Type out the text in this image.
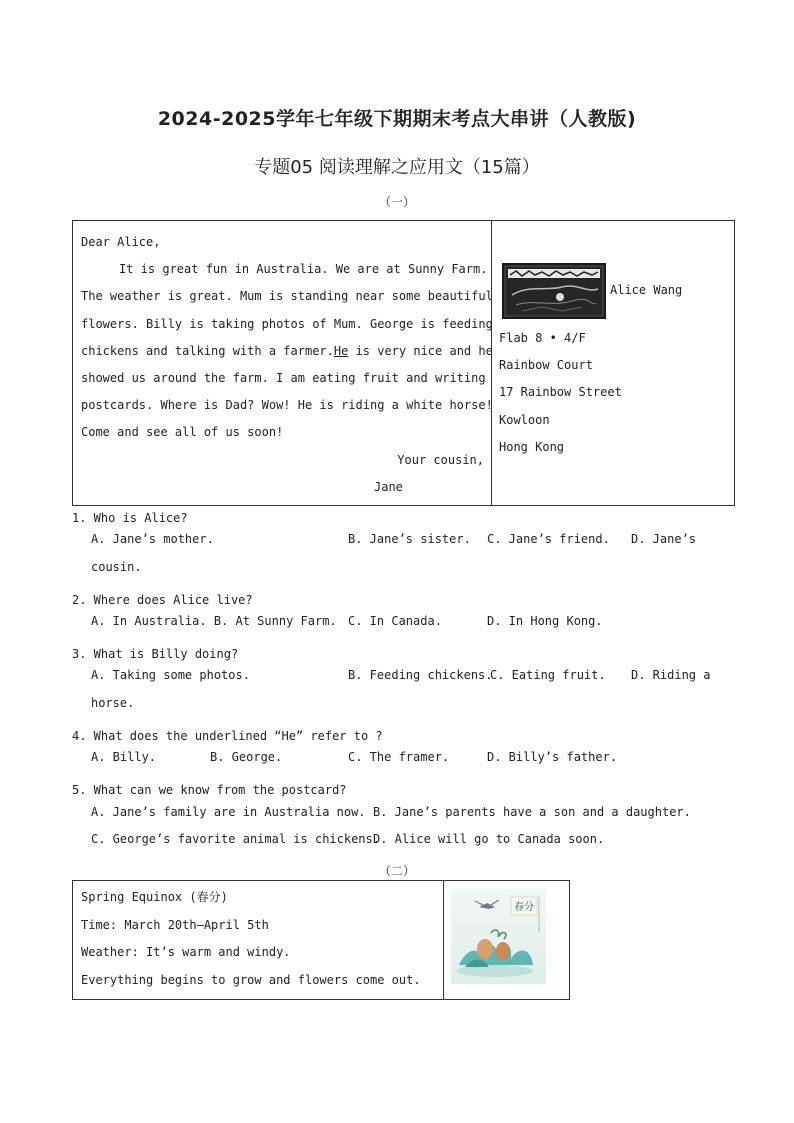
2024-2025学年七年级下期期末考点大串讲（人教版)
专题05 阅读理解之应用文（15篇）
（一）
Dear Alice,
It is great fun in Australia. We are at Sunny Farm.
The weather is great. Mum is standing near some beautiful
flowers. Billy is taking photos of Mum. George is feeding
chickens and talking with a farmer. He is very nice and he
showed us around the farm. I am eating fruit and writing
postcards. Where is Dad? Wow! He is riding a white horse!
Come and see all of us soon!
Your cousin,
Jane
Alice Wang
Flab 8 • 4/F
Rainbow Court
17 Rainbow Street
Kowloon
Hong Kong
1. Who is Alice?
A. Jane’s mother.	B. Jane’s sister. C. Jane’s friend. D. Jane’s
cousin.
2. Where does Alice live?
A. In Australia. B. At Sunny Farm. C. In Canada.	D. In Hong Kong.
3. What is Billy doing?
A. Taking some photos.	B. Feeding chickens.
C. Eating fruit. D. Riding a
horse.
4. What does the underlined “He” refer to ?
A. Billy.	B. George.	C. The framer.	D. Billy’s father.
5. What can we know from the postcard?
A. Jane’s family are in Australia now. B. Jane’s parents have a son and a daughter.
C. George’s favorite animal is chickens.
D. Alice will go to Canada soon.
（二）
Spring Equinox (春分)
Time: March 20th—April 5th
Weather: It’s warm and windy.
Everything begins to grow and flowers come out.
春分
